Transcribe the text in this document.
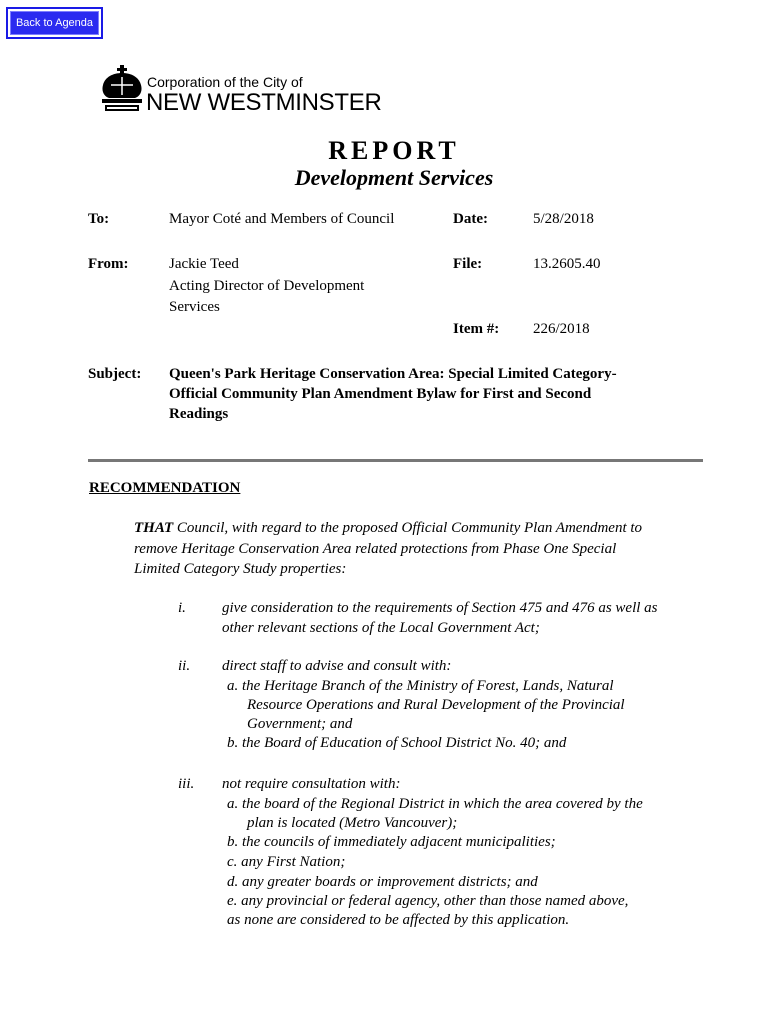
Back to Agenda
Corporation of the City of
NEW WESTMINSTER
REPORT
Development Services
To:	Mayor Coté and Members of Council	Date:	5/28/2018
From:	Jackie Teed
Acting Director of Development
Services
File:	13.2605.40
Item #: 226/2018
Subject: Queen's Park Heritage Conservation Area: Special Limited Category-
Official Community Plan Amendment Bylaw for First and Second
Readings
RECOMMENDATION
THAT Council, with regard to the proposed Official Community Plan Amendment to
remove Heritage Conservation Area related protections from Phase One Special
Limited Category Study properties:
i. give consideration to the requirements of Section 475 and 476 as well as
other relevant sections of the Local Government Act;
ii. direct staff to advise and consult with:
a. the Heritage Branch of the Ministry of Forest, Lands, Natural
Resource Operations and Rural Development of the Provincial
Government; and
b. the Board of Education of School District No. 40; and
iii. not require consultation with:
a. the board of the Regional District in which the area covered by the
plan is located (Metro Vancouver);
b. the councils of immediately adjacent municipalities;
c. any First Nation;
d. any greater boards or improvement districts; and
e. any provincial or federal agency, other than those named above,
as none are considered to be affected by this application.
